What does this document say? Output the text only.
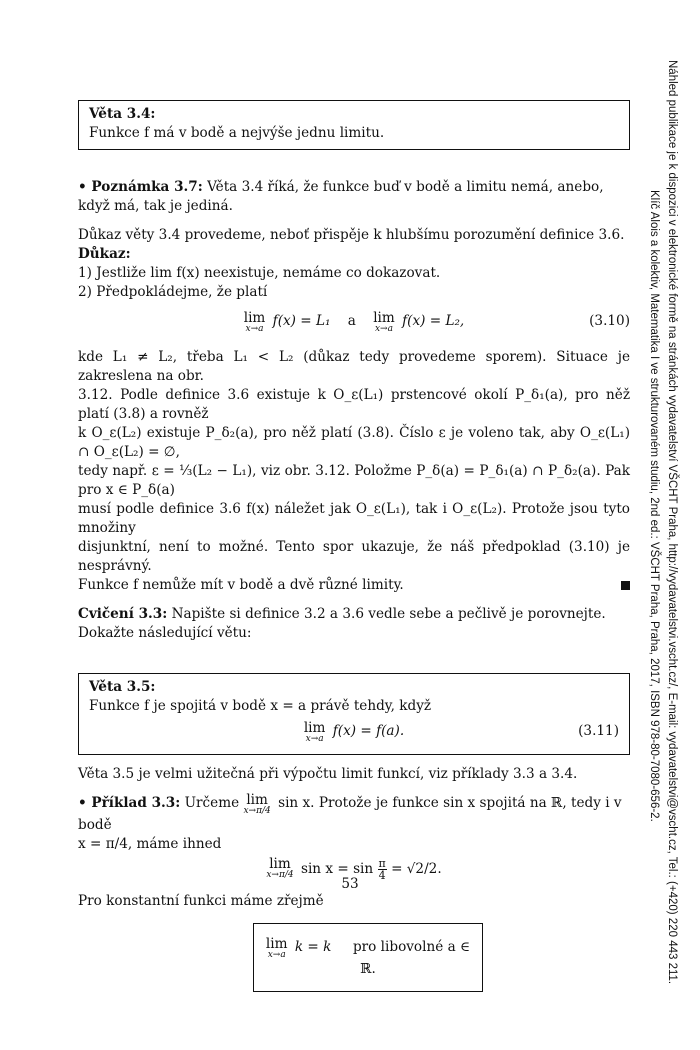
Věta 3.4:

Funkce f má v bodě a nejvýše jednu limitu.

• Poznámka 3.7: Věta 3.4 říká, že funkce buď v bodě a limitu nemá, anebo, když má, tak je jediná.

Důkaz věty 3.4 provedeme, neboť přispěje k hlubšímu porozumění definice 3.6.

Důkaz:

1) Jestliže lim f(x) neexistuje, nemáme co dokazovat.

2) Předpokládejme, že platí

lim
x→a f(x) = L₁ a lim
x→a f(x) = L₂,	(3.10)

kde L₁ ≠ L₂, třeba L₁ < L₂ (důkaz tedy provedeme sporem). Situace je zakreslena na obr.

3.12. Podle definice 3.6 existuje k O_ε(L₁) prstencové okolí P_δ₁(a), pro něž platí (3.8) a rovněž

k O_ε(L₂) existuje P_δ₂(a), pro něž platí (3.8). Číslo ε je voleno tak, aby O_ε(L₁) ∩ O_ε(L₂) = ∅,

tedy např. ε = ⅓(L₂ − L₁), viz obr. 3.12. Položme P_δ(a) = P_δ₁(a) ∩ P_δ₂(a). Pak pro x ∈ P_δ(a)

musí podle definice 3.6 f(x) náležet jak O_ε(L₁), tak i O_ε(L₂). Protože jsou tyto množiny

disjunktní, není to možné. Tento spor ukazuje, že náš předpoklad (3.10) je nesprávný.

Funkce f nemůže mít v bodě a dvě různé limity.

Cvičení 3.3: Napište si definice 3.2 a 3.6 vedle sebe a pečlivě je porovnejte. Dokažte následující větu:

Věta 3.5:

Funkce f je spojitá v bodě x = a právě tehdy, když

lim
x→a f(x) = f(a).	(3.11)

Věta 3.5 je velmi užitečná při výpočtu limit funkcí, viz příklady 3.3 a 3.4.

• Příklad 3.3: Určeme lim
x→π/4 sin x. Protože je funkce sin x spojitá na ℝ, tedy i v bodě

x = π/4, máme ihned

lim
x→π/4 $\sin x = \sin \frac{\pi}{4} = √2/2$.

Pro konstantní funkci máme zřejmě

lim
x→a k = k pro libovolné a ∈ ℝ.
53	Náhled publikace je k dispozici v elektronické formě na stránkách vydavatelství VŠCHT Praha, http://vydavatelstvi.vscht.cz/, E-mail: vydavatelstvi@vscht.cz, Tel.: (+420) 220 443 211.
Klíč Alois a kolektiv, Matematika I ve strukturovaném studiu, 2nd ed.: VŠCHT Praha, Praha, 2017, ISBN 978-80-7080-656-2.
